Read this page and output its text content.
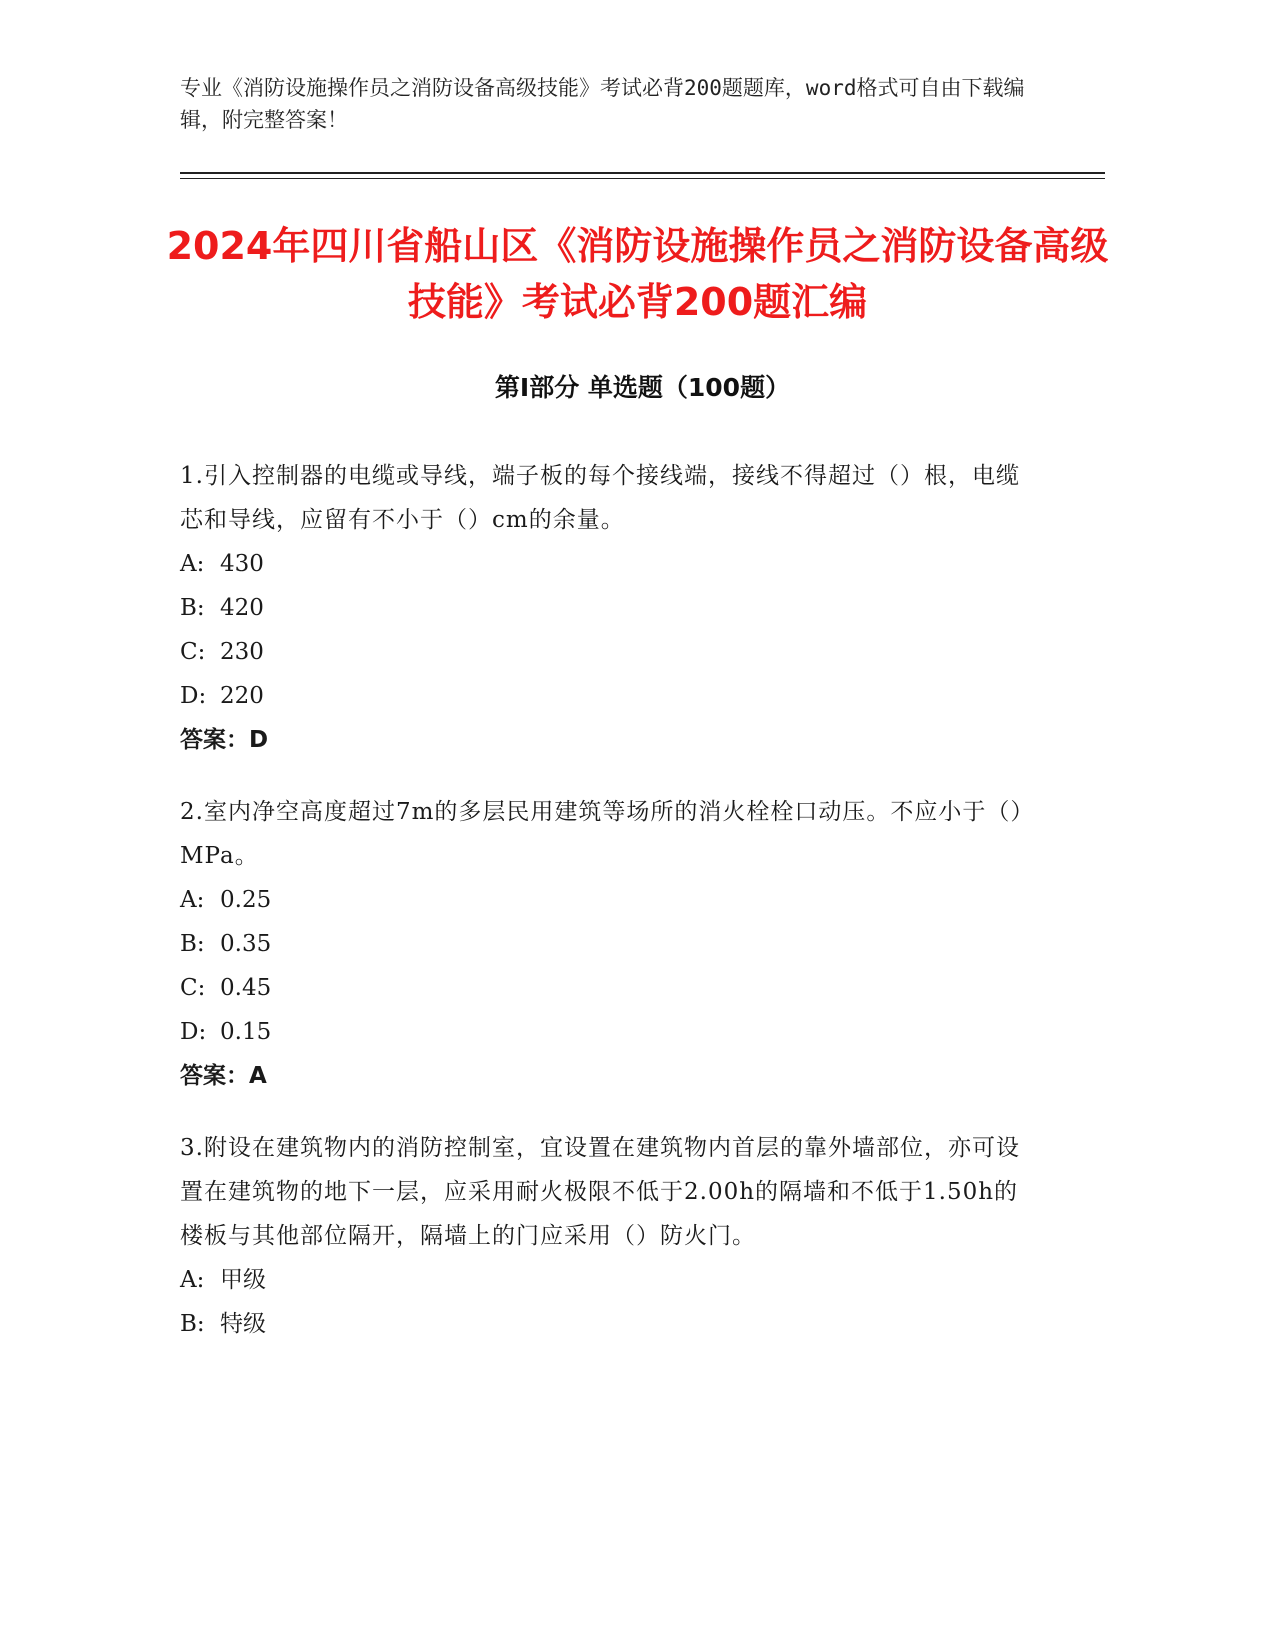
专业《消防设施操作员之消防设备高级技能》考试必背200题题库，word格式可自由下载编辑，附完整答案！
2024年四川省船山区《消防设施操作员之消防设备高级技能》考试必背200题汇编
第I部分 单选题（100题）
1.引入控制器的电缆或导线，端子板的每个接线端，接线不得超过（）根，电缆芯和导线，应留有不小于（）cm的余量。
A: 430
B: 420
C: 230
D: 220
答案：D
2.室内净空高度超过7m的多层民用建筑等场所的消火栓栓口动压。不应小于（）MPa。
A: 0.25
B: 0.35
C: 0.45
D: 0.15
答案：A
3.附设在建筑物内的消防控制室，宜设置在建筑物内首层的靠外墙部位，亦可设置在建筑物的地下一层，应采用耐火极限不低于2.00h的隔墙和不低于1.50h的楼板与其他部位隔开，隔墙上的门应采用（）防火门。
A: 甲级
B: 特级
